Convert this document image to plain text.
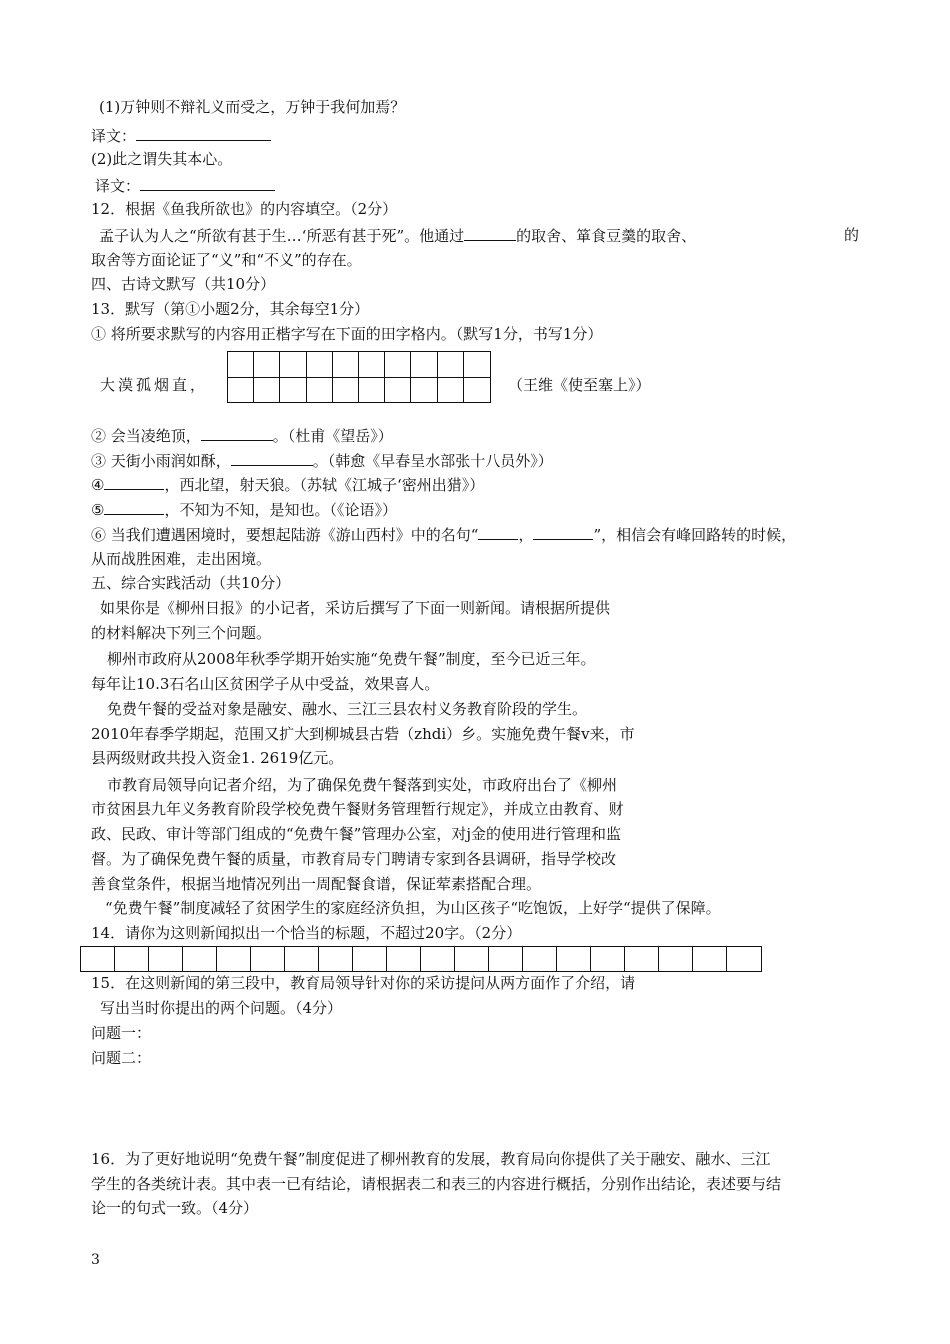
(1)万钟则不辩礼义而受之，万钟于我何加焉？
译文：
(2)此之谓失其本心。
译文：
12．根据《鱼我所欲也》的内容填空。（2分）
孟子认为人之“所欲有甚于生…‘所恶有甚于死”。他通过	的取舍、箪食豆羹的取舍、	的
取舍等方面论证了“义”和“不义”的存在。
四、古诗文默写（共10分）
13．默写（第①小题2分，其余每空1分）
① 将所要求默写的内容用正楷字写在下面的田字格内。（默写1分，书写1分）
大漠孤烟直，	（王维《使至塞上》）
② 会当凌绝顶，	。（杜甫《望岳》）
③ 天街小雨润如酥，	。（韩愈《早春呈水部张十八员外》）
④	，西北望，射天狼。（苏轼《江城子‘密州出猎》）
⑤	，不知为不知，是知也。（《论语》）
⑥ 当我们遭遇困境时，要想起陆游《游山西村》中的名句“	，	”，相信会有峰回路转的时候，
从而战胜困难，走出困境。
五、综合实践活动（共10分）
如果你是《柳州日报》的小记者，采访后撰写了下面一则新闻。请根据所提供
的材料解决下列三个问题。
柳州市政府从2008年秋季学期开始实施“免费午餐”制度，至今已近三年。
每年让10.3石名山区贫困学子从中受益，效果喜人。
免费午餐的受益对象是融安、融水、三江三县农村义务教育阶段的学生。
2010年春季学期起，范围又扩大到柳城县古砦（zhdi）乡。实施免费午餐v来，市
县两级财政共投入资金1. 2619亿元。
市教育局领导向记者介绍，为了确保免费午餐落到实处，市政府出台了《柳州
市贫困县九年义务教育阶段学校免费午餐财务管理暂行规定》，并成立由教育、财
政、民政、审计等部门组成的“免费午餐”管理办公室，对j金的使用进行管理和监
督。为了确保免费午餐的质量，市教育局专门聘请专家到各县调研，指导学校改
善食堂条件，根据当地情况列出一周配餐食谱，保证荤素搭配合理。
“免费午餐”制度减轻了贫困学生的家庭经济负担，为山区孩子“吃饱饭，上好学“提供了保障。
14．请你为这则新闻拟出一个恰当的标题，不超过20字。（2分）
15．在这则新闻的第三段中，教育局领导针对你的采访提问从两方面作了介绍，请
写出当时你提出的两个问题。（4分）
问题一：
问题二：
16．为了更好地说明“免费午餐”制度促进了柳州教育的发展，教育局向你提供了关于融安、融水、三江
学生的各类统计表。其中表一已有结论，请根据表二和表三的内容进行概括，分别作出结论，表述要与结
论一的句式一致。（4分）
3
